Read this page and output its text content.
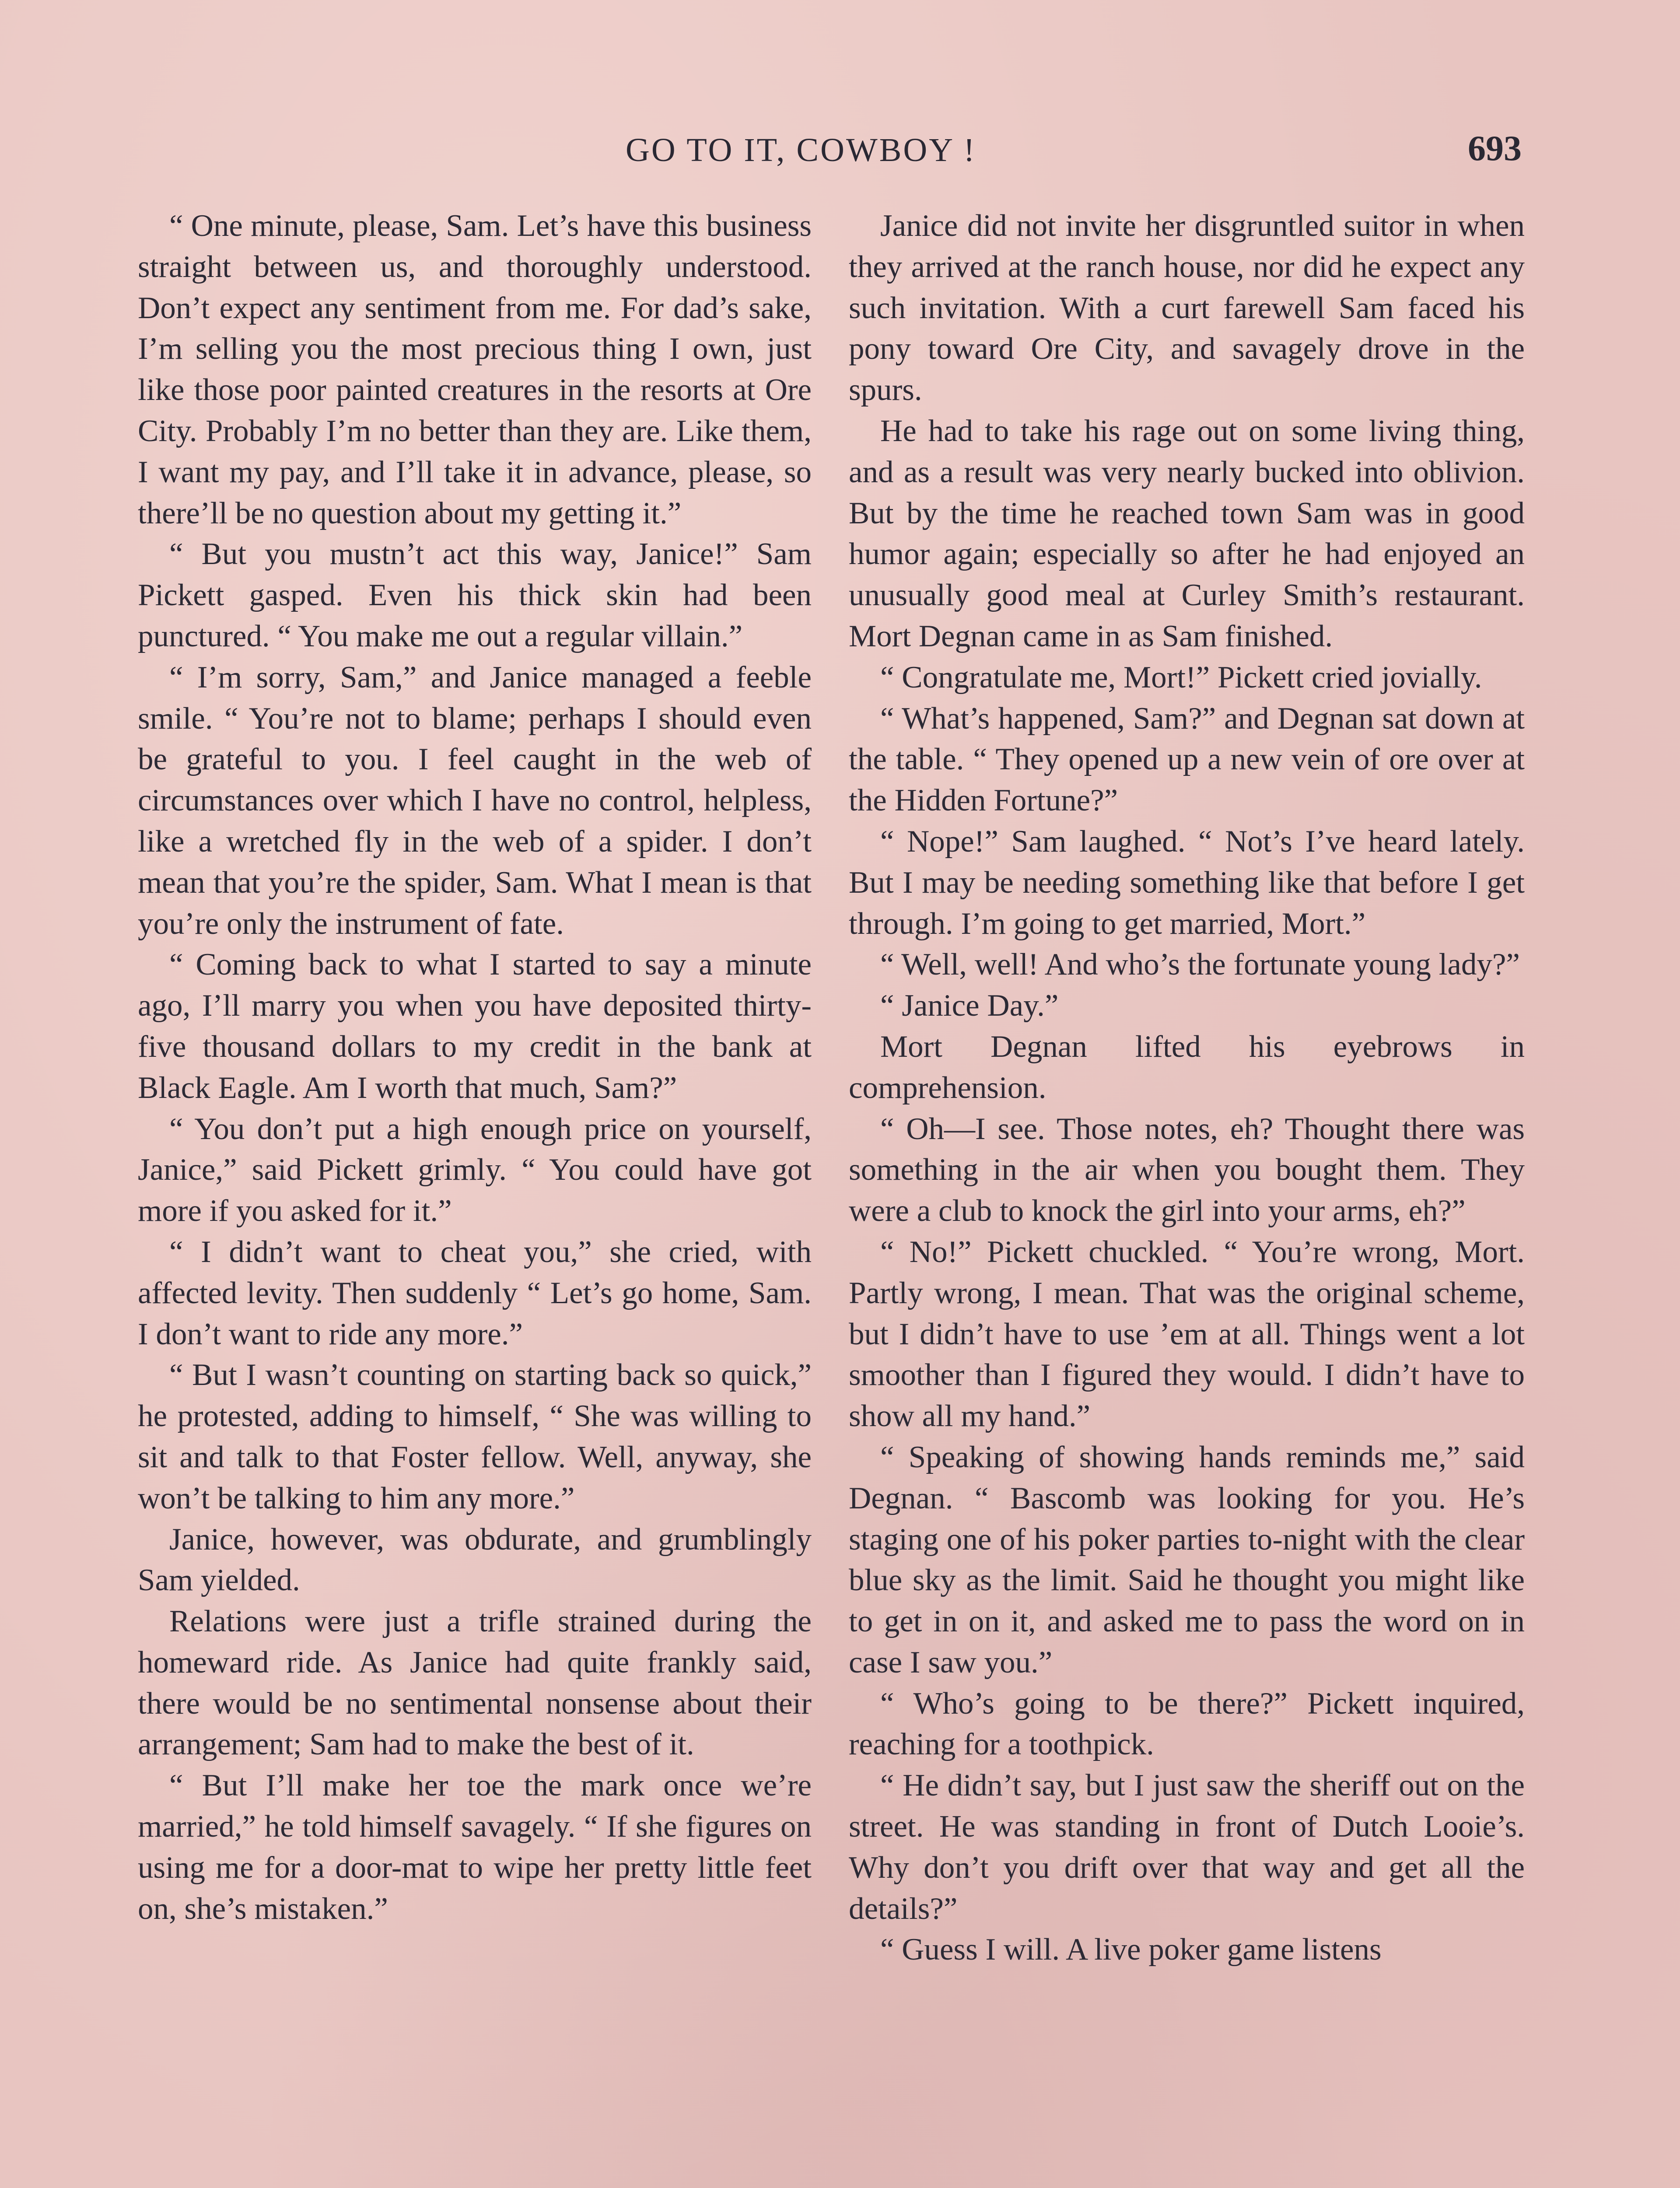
GO TO IT, COWBOY !	693

“ One minute, please, Sam. Let’s have this business straight between us, and thoroughly understood. Don’t expect any sentiment from me. For dad’s sake, I’m selling you the most precious thing I own, just like those poor painted creatures in the resorts at Ore City. Probably I’m no better than they are. Like them, I want my pay, and I’ll take it in advance, please, so there’ll be no question about my getting it.”

“ But you mustn’t act this way, Janice!” Sam Pickett gasped. Even his thick skin had been punctured. “ You make me out a regular villain.”

“ I’m sorry, Sam,” and Janice managed a feeble smile. “ You’re not to blame; perhaps I should even be grateful to you. I feel caught in the web of circumstances over which I have no control, helpless, like a wretched fly in the web of a spider. I don’t mean that you’re the spider, Sam. What I mean is that you’re only the instrument of fate.

“ Coming back to what I started to say a minute ago, I’ll marry you when you have deposited thirty-five thousand dollars to my credit in the bank at Black Eagle. Am I worth that much, Sam?”

“ You don’t put a high enough price on yourself, Janice,” said Pickett grimly. “ You could have got more if you asked for it.”

“ I didn’t want to cheat you,” she cried, with affected levity. Then suddenly “ Let’s go home, Sam. I don’t want to ride any more.”

“ But I wasn’t counting on starting back so quick,” he protested, adding to himself, “ She was willing to sit and talk to that Foster fellow. Well, anyway, she won’t be talking to him any more.”

Janice, however, was obdurate, and grumblingly Sam yielded.

Relations were just a trifle strained during the homeward ride. As Janice had quite frankly said, there would be no sentimental nonsense about their arrangement; Sam had to make the best of it.

“ But I’ll make her toe the mark once we’re married,” he told himself savagely. “ If she figures on using me for a door-mat to wipe her pretty little feet on, she’s mistaken.”

Janice did not invite her disgruntled suitor in when they arrived at the ranch house, nor did he expect any such invitation. With a curt farewell Sam faced his pony toward Ore City, and savagely drove in the spurs.

He had to take his rage out on some living thing, and as a result was very nearly bucked into oblivion. But by the time he reached town Sam was in good humor again; especially so after he had enjoyed an unusually good meal at Curley Smith’s restaurant. Mort Degnan came in as Sam finished.

“ Congratulate me, Mort!” Pickett cried jovially.

“ What’s happened, Sam?” and Degnan sat down at the table. “ They opened up a new vein of ore over at the Hidden Fortune?”

“ Nope!” Sam laughed. “ Not’s I’ve heard lately. But I may be needing something like that before I get through. I’m going to get married, Mort.”

“ Well, well! And who’s the fortunate young lady?”

“ Janice Day.”

Mort Degnan lifted his eyebrows in comprehension.

“ Oh—I see. Those notes, eh? Thought there was something in the air when you bought them. They were a club to knock the girl into your arms, eh?”

“ No!” Pickett chuckled. “ You’re wrong, Mort. Partly wrong, I mean. That was the original scheme, but I didn’t have to use ’em at all. Things went a lot smoother than I figured they would. I didn’t have to show all my hand.”

“ Speaking of showing hands reminds me,” said Degnan. “ Bascomb was looking for you. He’s staging one of his poker parties to-night with the clear blue sky as the limit. Said he thought you might like to get in on it, and asked me to pass the word on in case I saw you.”

“ Who’s going to be there?” Pickett inquired, reaching for a toothpick.

“ He didn’t say, but I just saw the sheriff out on the street. He was standing in front of Dutch Looie’s. Why don’t you drift over that way and get all the details?”

“ Guess I will. A live poker game listens
